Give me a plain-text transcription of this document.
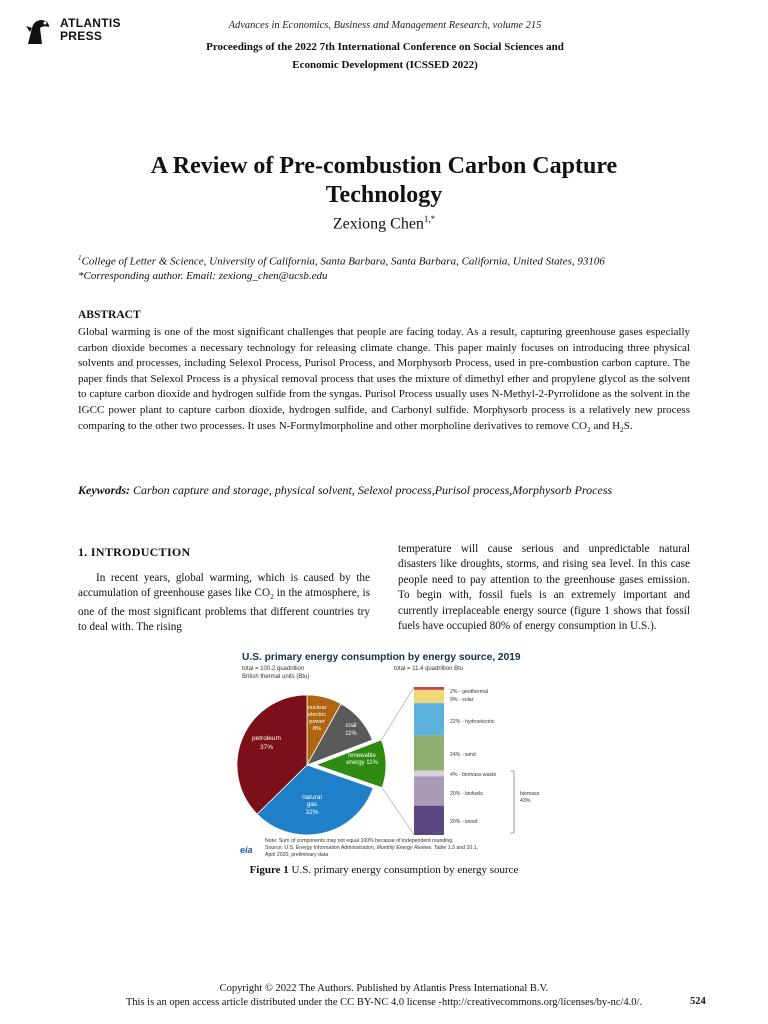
ATLANTIS PRESS
Advances in Economics, Business and Management Research, volume 215
Proceedings of the 2022 7th International Conference on Social Sciences and
Economic Development (ICSSED 2022)
A Review of Pre-combustion Carbon Capture
Technology
Zexiong Chen$^{1,*}$
$^1$College of Letter & Science, University of California, Santa Barbara, Santa Barbara, California, United States, 93106
*Corresponding author. Email: zexiong_chen@ucsb.edu
ABSTRACT
Global warming is one of the most significant challenges that people are facing today. As a result, capturing greenhouse gases especially carbon dioxide becomes a necessary technology for releasing climate change. This paper mainly focuses on introducing three physical solvents and processes, including Selexol Process, Purisol Process, and Morphysorb Process, used in pre-combustion carbon capture. The paper finds that Selexol Process is a physical removal process that uses the mixture of dimethyl ether and propylene glycol as the solvent to capture carbon dioxide and hydrogen sulfide from the syngas. Purisol Process usually uses N-Methyl-2-Pyrrolidone as the solvent in the IGCC power plant to capture carbon dioxide, hydrogen sulfide, and Carbonyl sulfide. Morphysorb process is a relatively new process comparing to the other two processes. It uses N-Formylmorpholine and other morpholine derivatives to remove $CO_2$ and $H_2S$.
Keywords: Carbon capture and storage, physical solvent, Selexol process,Purisol process,Morphysorb Process
1. INTRODUCTION
In recent years, global warming, which is caused by the accumulation of greenhouse gases like $CO_2$ in the atmosphere, is one of the most significant problems that different countries try to deal with. The rising
temperature will cause serious and unpredictable natural disasters like droughts, storms, and rising sea level. In this case people need to pay attention to the greenhouse gases emission. To begin with, fossil fuels is an extremely important and currently irreplaceable energy source (figure 1 shows that fossil fuels have occupied 80% of energy consumption in U.S.).
U.S. primary energy consumption by energy source, 2019
total = 100.2 quadrillion
British thermal units (Btu)
total = 11.4 quadrillion Btu
petroleum
37%
natural
gas
32%
nuclear
electric
power
8%	coal
11%
renewable
energy 11%
2% - geothermal
9% - solar
22% - hydroelectric
24% - wind
4% - biomass waste
20% - biofuels
20% - wood
biomass
43%
Note: Sum of components may not equal 100% because of independent rounding.
Source: U.S. Energy Information Administration, Monthly Energy Review, Table 1.3 and 10.1,
April 2020, preliminary data
eia
Figure 1 U.S. primary energy consumption by energy source
Copyright © 2022 The Authors. Published by Atlantis Press International B.V.
This is an open access article distributed under the CC BY-NC 4.0 license -http://creativecommons.org/licenses/by-nc/4.0/.	524
